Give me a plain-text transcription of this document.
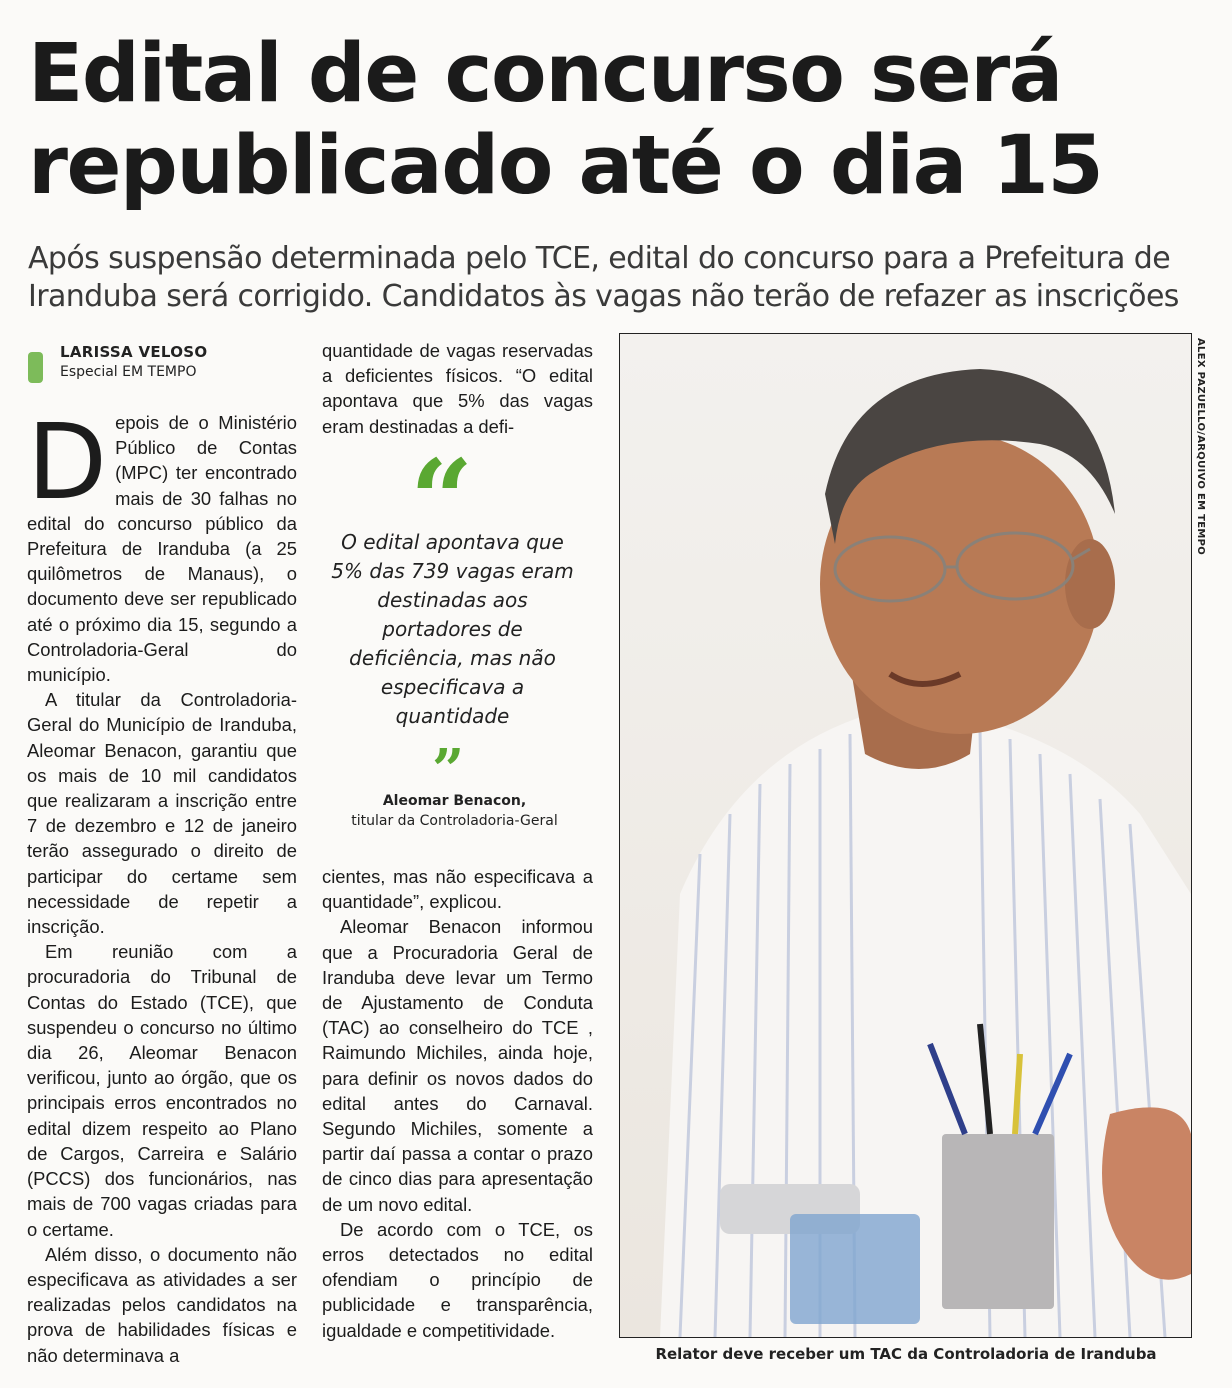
Edital de concurso será republicado até o dia 15

Após suspensão determinada pelo TCE, edital do concurso para a Prefeitura de Iranduba será corrigido. Candidatos às vagas não terão de refazer as inscrições

LARISSA VELOSO
Especial EM TEMPO
D epois de o Ministério Público de Contas (MPC) ter encontrado mais de 30 falhas no edital do concurso público da Prefeitura de Iranduba (a 25 quilômetros de Manaus), o documento deve ser republicado até o próximo dia 15, segundo a Controladoria-Geral do município.

A titular da Controladoria-Geral do Município de Iranduba, Aleomar Benacon, garantiu que os mais de 10 mil candidatos que realizaram a inscrição entre 7 de dezembro e 12 de janeiro terão assegurado o direito de participar do certame sem necessidade de repetir a inscrição.

Em reunião com a procuradoria do Tribunal de Contas do Estado (TCE), que suspendeu o concurso no último dia 26, Aleomar Benacon verificou, junto ao órgão, que os principais erros encontrados no edital dizem respeito ao Plano de Cargos, Carreira e Salário (PCCS) dos funcionários, nas mais de 700 vagas criadas para o certame.

Além disso, o documento não especificava as atividades a ser realizadas pelos candidatos na prova de habilidades físicas e não determinava a

quantidade de vagas reservadas a deficientes físicos. “O edital apontava que 5% das vagas eram destinadas a defi-

“
O edital apontava que 5% das 739 vagas eram destinadas aos portadores de deficiência, mas não especificava a quantidade
”
Aleomar Benacon,
titular da Controladoria-Geral

cientes, mas não especificava a quantidade”, explicou.

Aleomar Benacon informou que a Procuradoria Geral de Iranduba deve levar um Termo de Ajustamento de Conduta (TAC) ao conselheiro do TCE , Raimundo Michiles, ainda hoje, para definir os novos dados do edital antes do Carnaval. Segundo Michiles, somente a partir daí passa a contar o prazo de cinco dias para apresentação de um novo edital.

De acordo com o TCE, os erros detectados no edital ofendiam o princípio de publicidade e transparência, igualdade e competitividade.

ALEX PAZUELLO/ARQUIVO EM TEMPO
Relator deve receber um TAC da Controladoria de Iranduba
